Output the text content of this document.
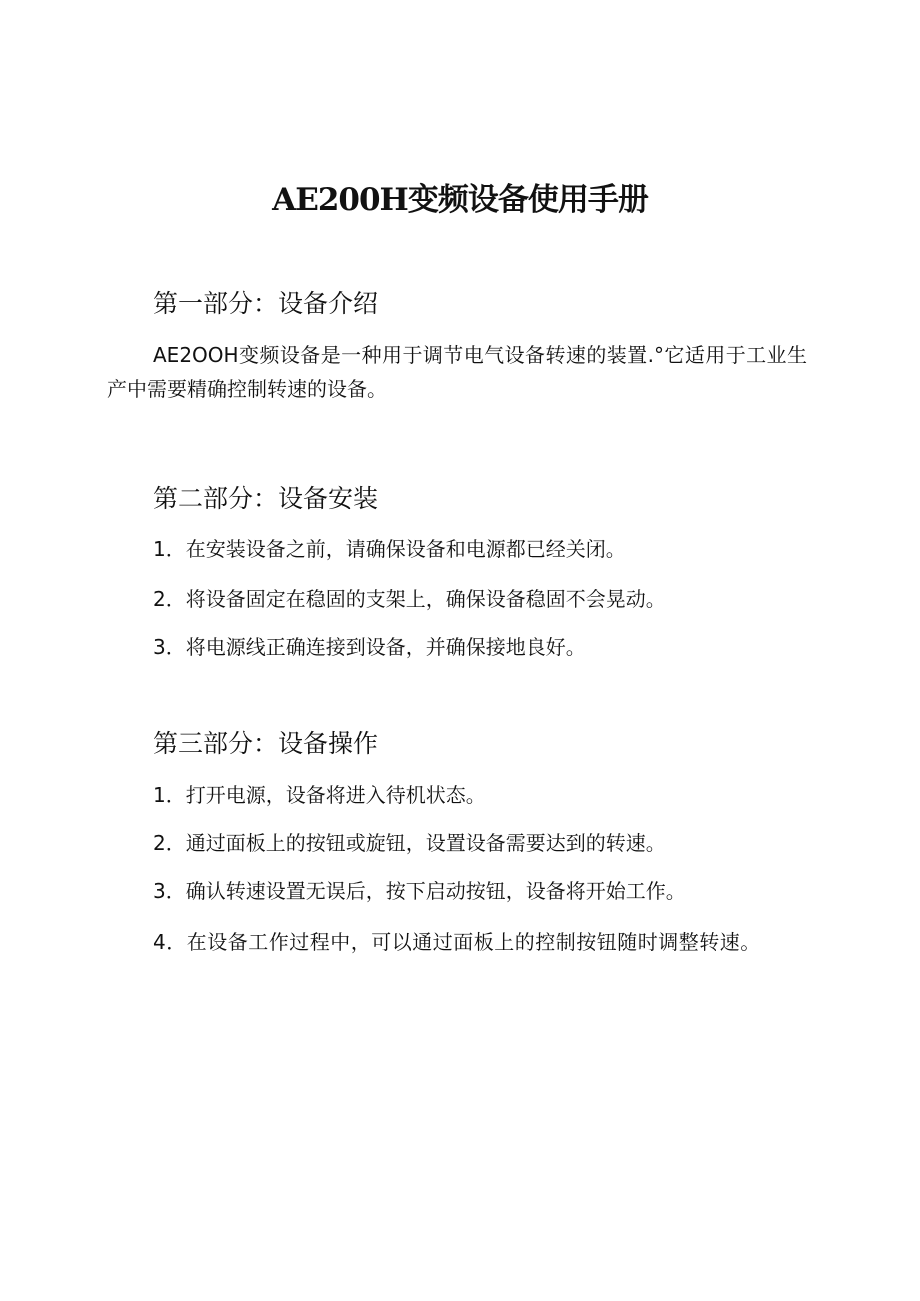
AE200H变频设备使用手册
第一部分：设备介绍

AE2OOH变频设备是一种用于调节电气设备转速的装置.°它适用于工业生产中需要精确控制转速的设备。

第二部分：设备安装

1．在安装设备之前，请确保设备和电源都已经关闭。

2．将设备固定在稳固的支架上，确保设备稳固不会晃动。

3．将电源线正确连接到设备，并确保接地良好。

第三部分：设备操作

1．打开电源，设备将进入待机状态。

2．通过面板上的按钮或旋钮，设置设备需要达到的转速。

3．确认转速设置无误后，按下启动按钮，设备将开始工作。

4．在设备工作过程中，可以通过面板上的控制按钮随时调整转速。
